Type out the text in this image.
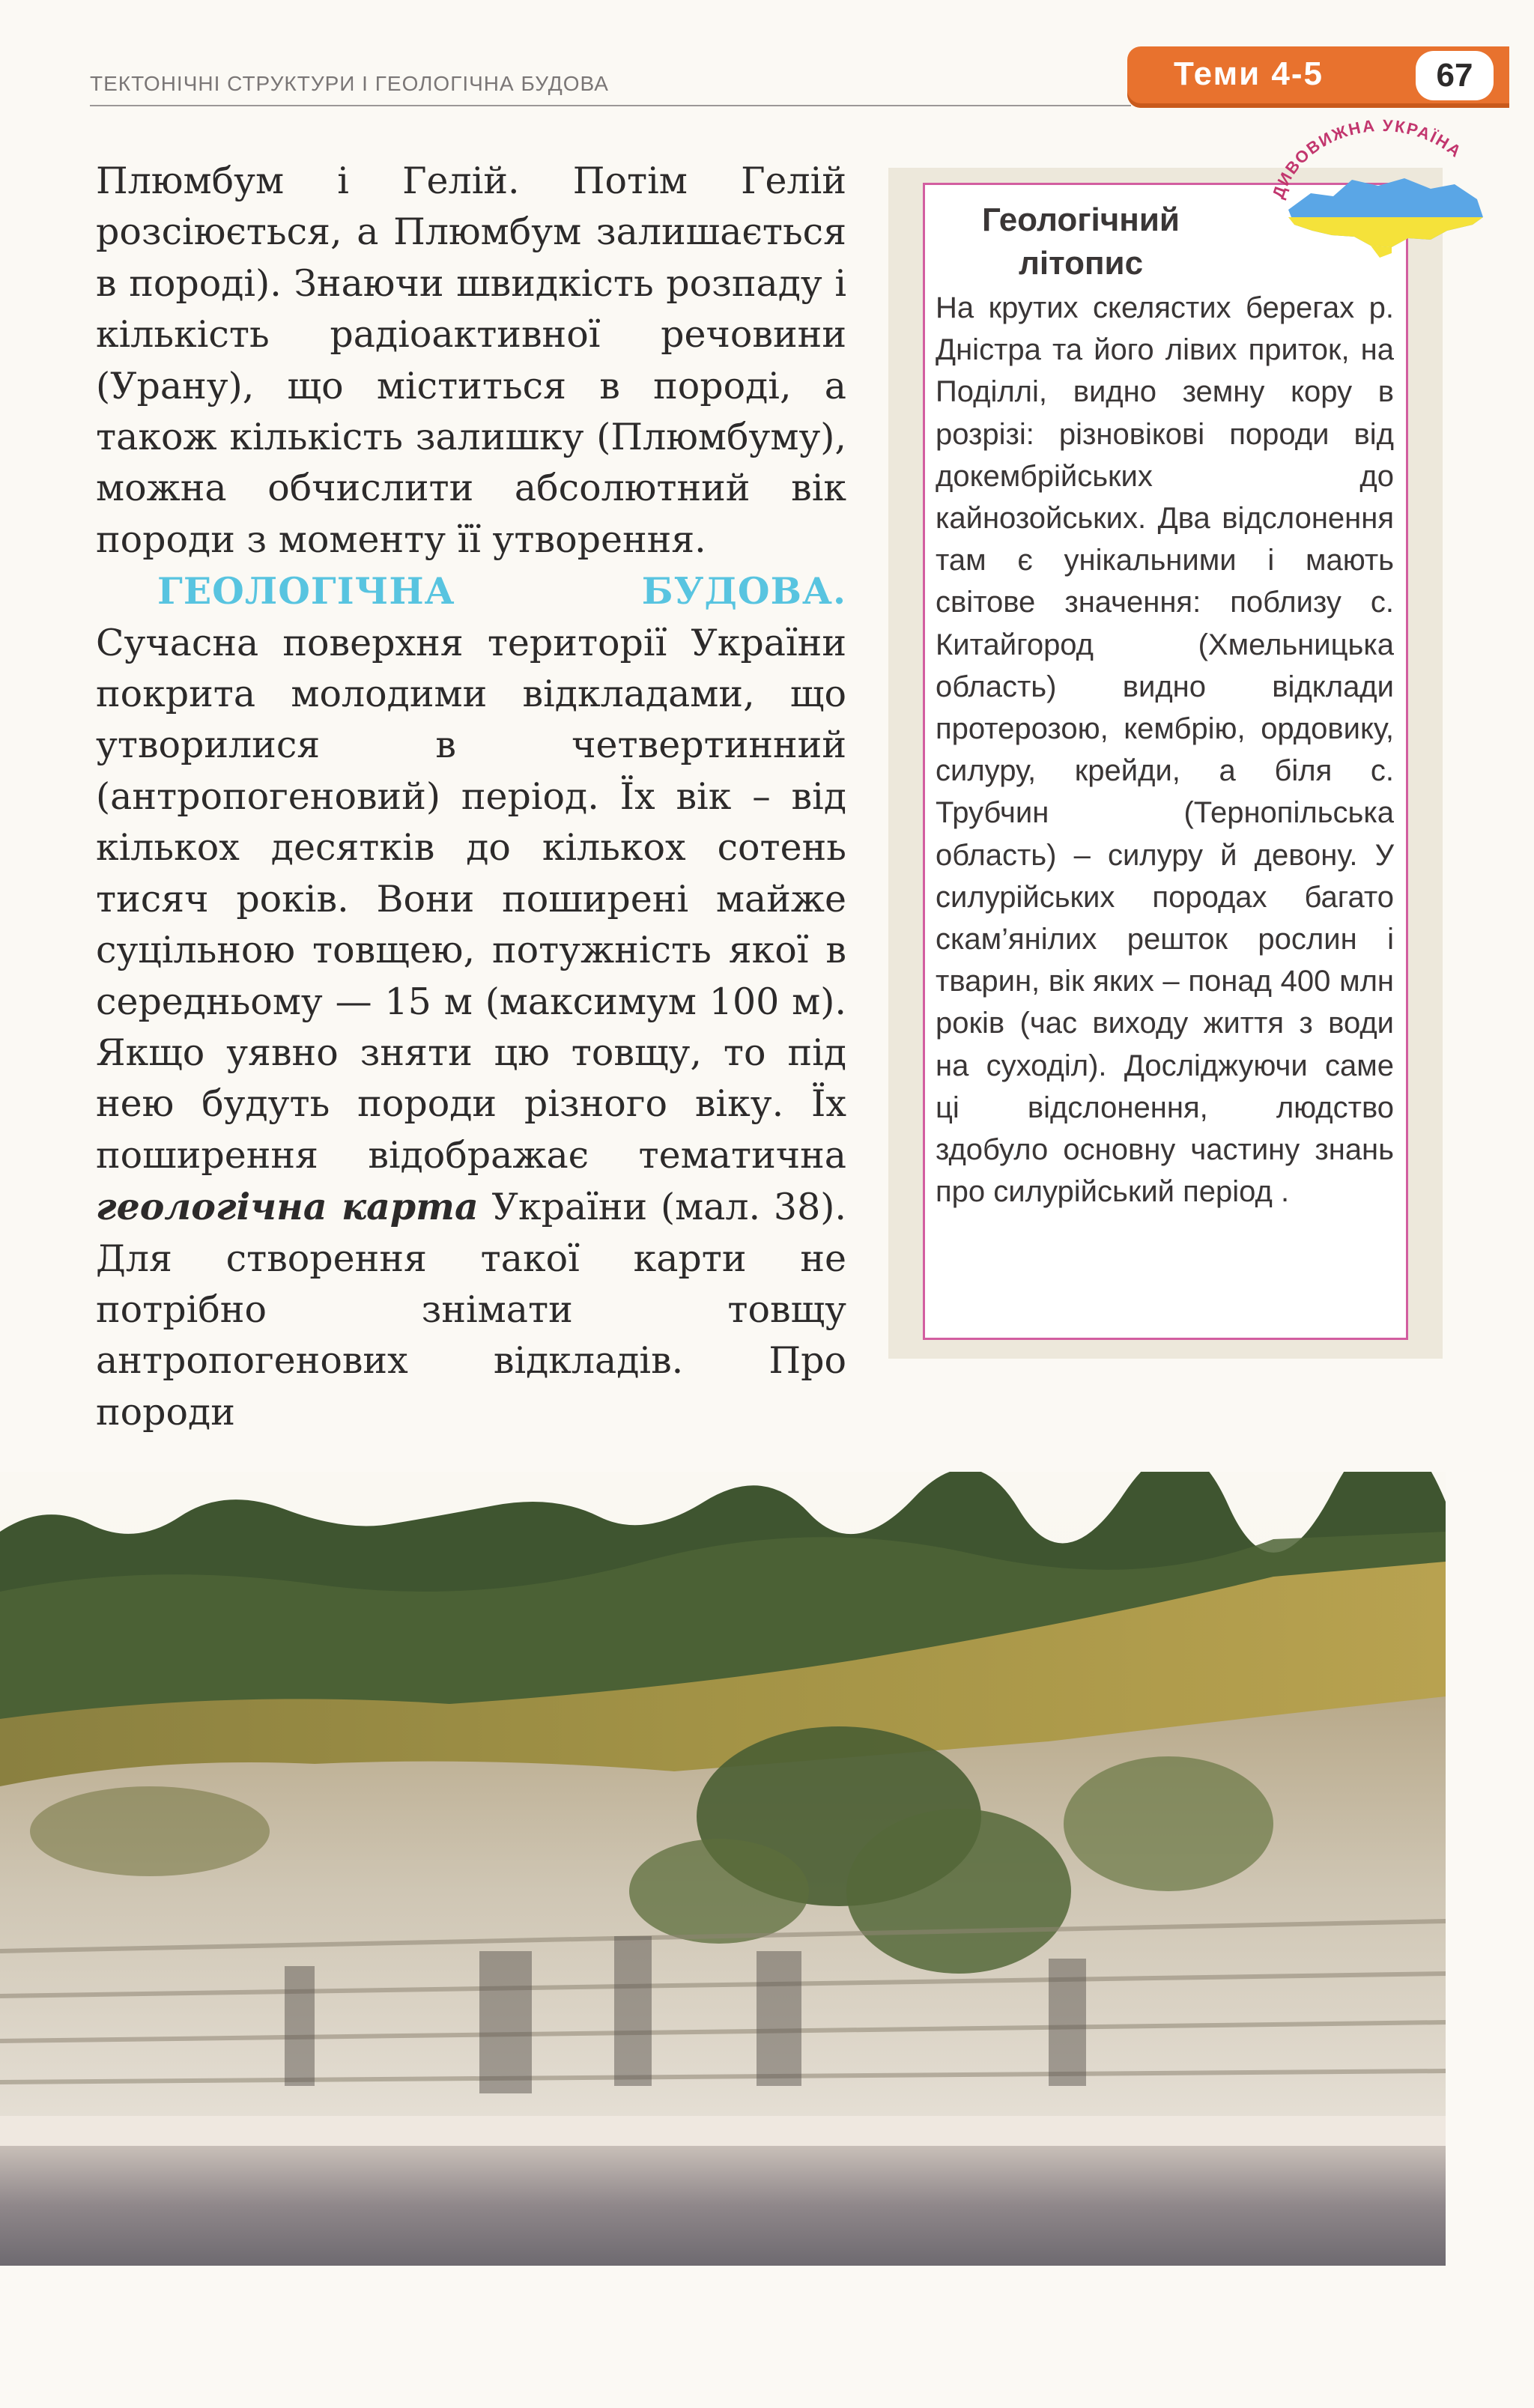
ТЕКТОНІЧНІ СТРУКТУРИ І ГЕОЛОГІЧНА БУДОВА	Теми 4-5	67

Плюмбум і Гелій. Потім Гелій розсіюється, а Плюмбум залишається в породі). Знаючи швидкість розпаду і кількість радіоактивної речовини (Урану), що міститься в породі, а також кількість залишку (Плюмбуму), можна обчислити абсолютний вік породи з моменту її утворення.

ГЕОЛОГІЧНА БУДОВА. Сучасна поверхня території України покрита молодими відкладами, що утворилися в четвертинний (антропогеновий) період. Їх вік – від кількох десятків до кількох сотень тисяч років. Вони поширені майже суцільною товщею, потужність якої в середньому — 15 м (максимум 100 м). Якщо уявно зняти цю товщу, то під нею будуть породи різного віку. Їх поширення відображає тематична геологічна карта України (мал. 38). Для створення такої карти не потрібно знімати товщу антропогенових відкладів. Про породи

Геологічний літопис
На крутих скелястих берегах р. Дністра та його лівих приток, на Поділлі, видно земну кору в розрізі: різновікові породи від докембрійських до кайнозойських. Два відслонення там є унікальними і мають світове значення: поблизу с. Китайгород (Хмельницька область) видно відклади протерозою, кембрію, ордовику, силуру, крейди, а біля с. Трубчин (Тернопільська область) – силуру й девону. У силурійських породах багато скам’янілих решток рослин і тварин, вік яких – понад 400 млн років (час виходу життя з води на суходіл). Досліджуючи саме ці відслонення, людство здобуло основну частину знань про силурійський період .
ДИВОВИЖНА УКРАЇНА
